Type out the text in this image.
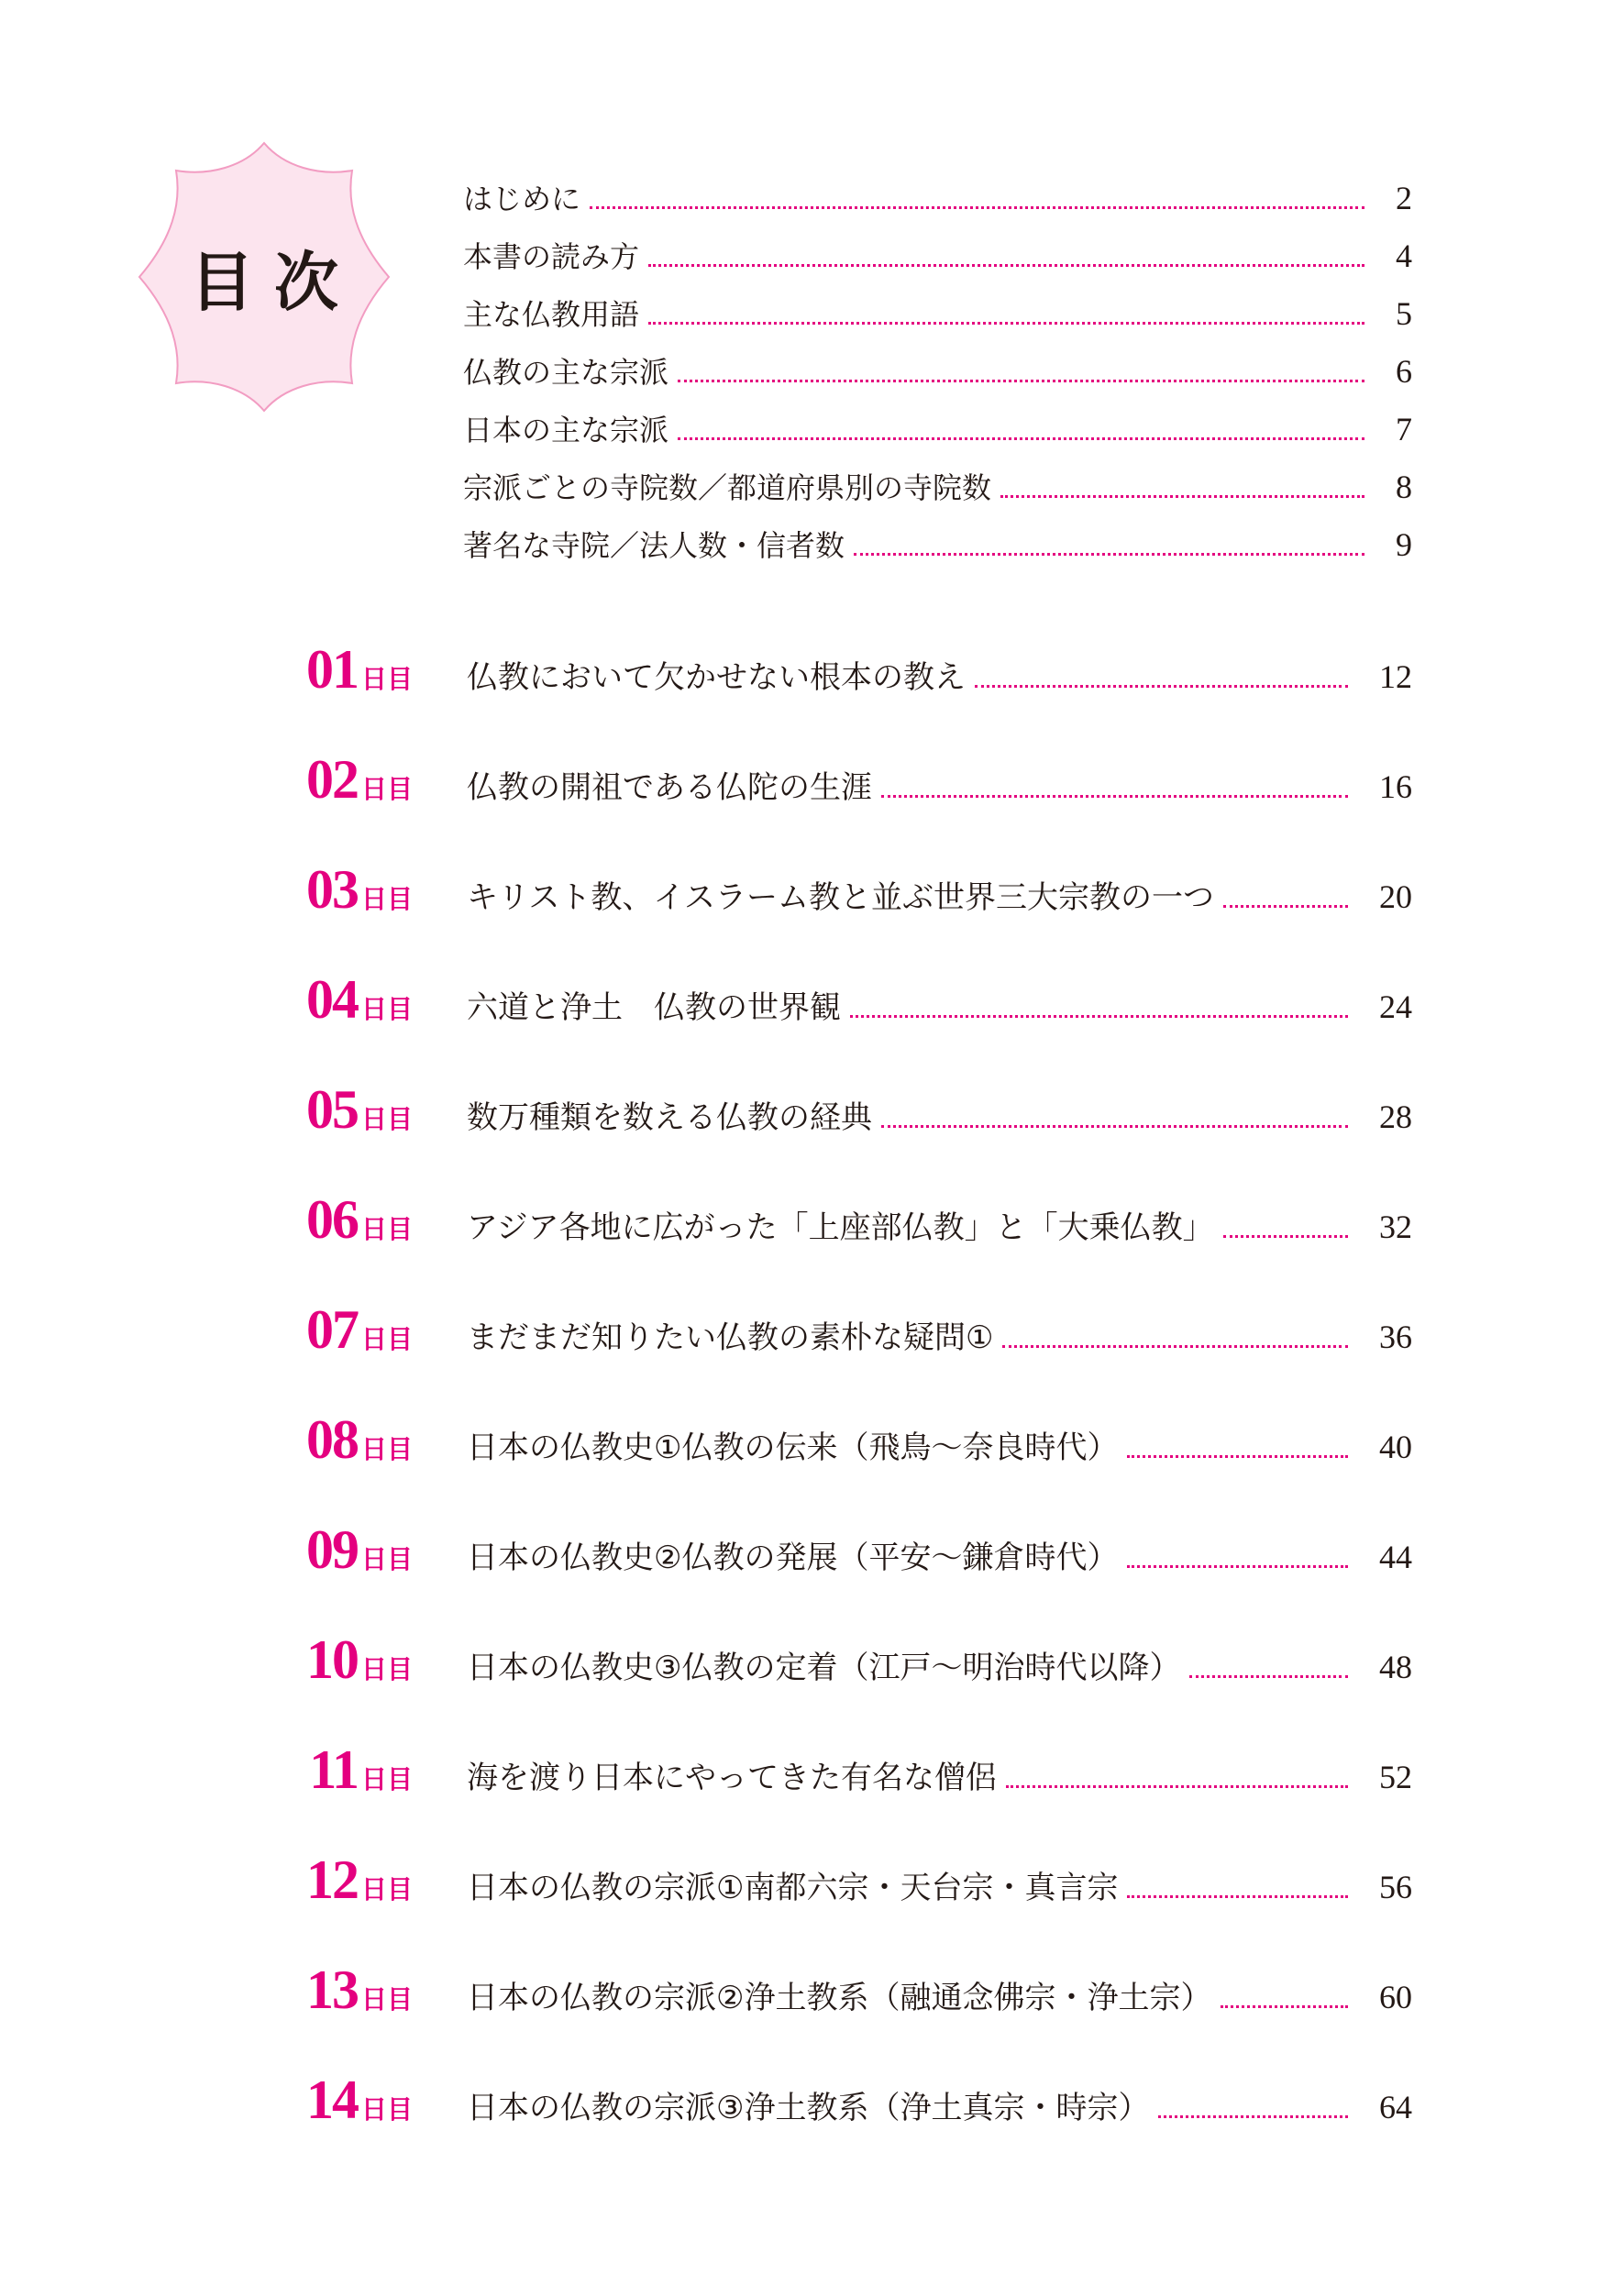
目次
はじめに	2
本書の読み方	4
主な仏教用語	5
仏教の主な宗派	6
日本の主な宗派	7
宗派ごとの寺院数／都道府県別の寺院数	8
著名な寺院／法人数・信者数	9
01 日目	仏教において欠かせない根本の教え	12
02 日目	仏教の開祖である仏陀の生涯	16
03 日目	キリスト教、イスラーム教と並ぶ世界三大宗教の一つ	20
04 日目	六道と浄土　仏教の世界観	24
05 日目	数万種類を数える仏教の経典	28
06 日目	アジア各地に広がった「上座部仏教」と「大乗仏教」	32
07 日目	まだまだ知りたい仏教の素朴な疑問①	36
08 日目	日本の仏教史①仏教の伝来（飛鳥～奈良時代）	40
09 日目	日本の仏教史②仏教の発展（平安～鎌倉時代）	44
10 日目	日本の仏教史③仏教の定着（江戸～明治時代以降）	48
11 日目	海を渡り日本にやってきた有名な僧侶	52
12 日目	日本の仏教の宗派①南都六宗・天台宗・真言宗	56
13 日目	日本の仏教の宗派②浄土教系（融通念佛宗・浄土宗）	60
14 日目	日本の仏教の宗派③浄土教系（浄土真宗・時宗）	64
